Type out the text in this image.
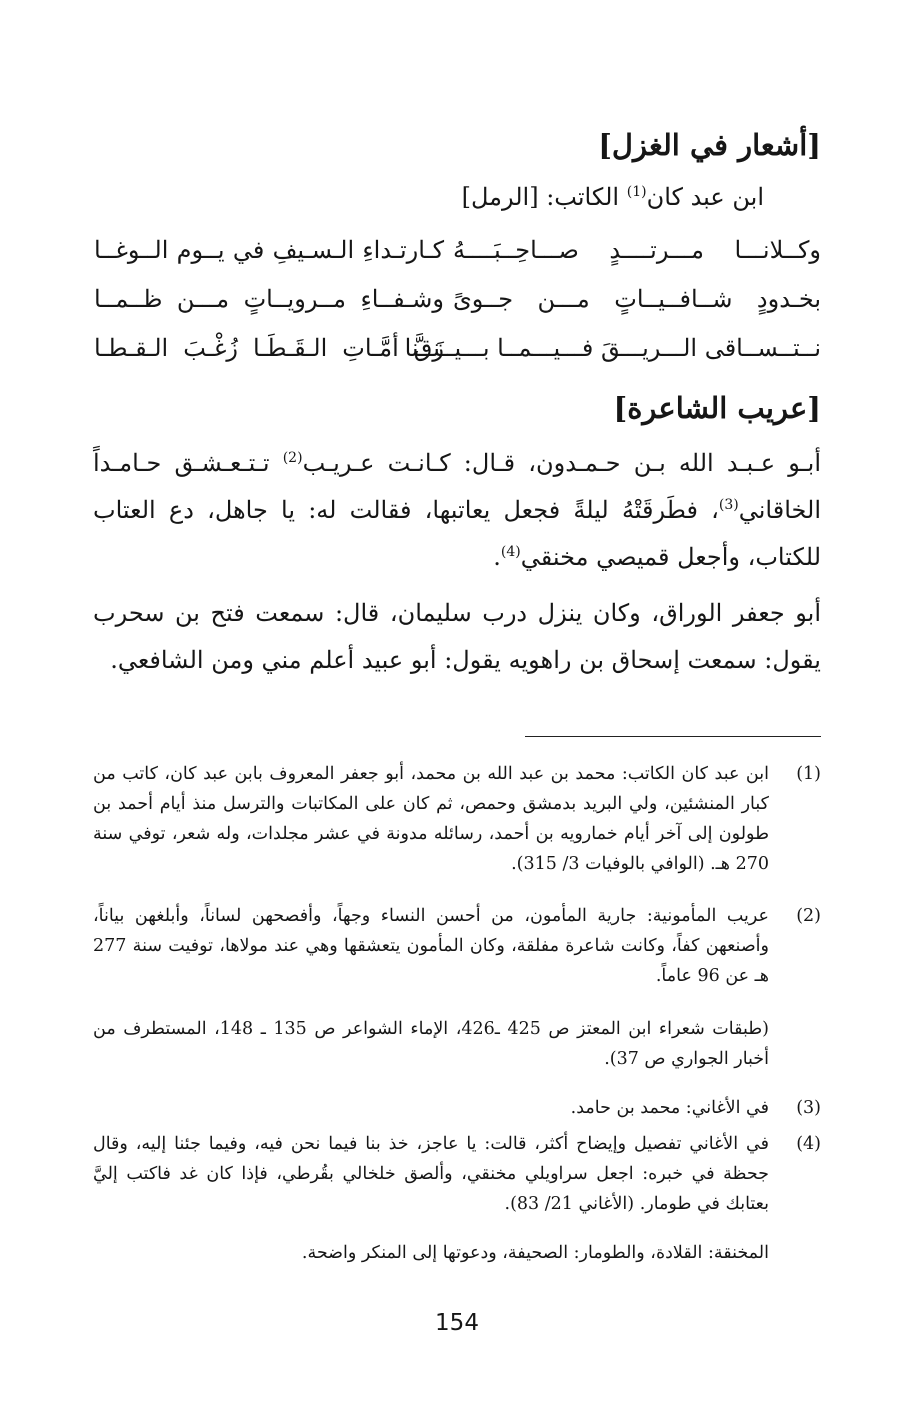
[أشعار في الغزل]
ابن عبد كان$^{(1)}$ الكاتب: [الرمل]
وكــلانـــا مـــرتــــدٍ صـــاحِــبَــــهُ
كـارتـداءِ الـسـيفِ في يــوم الــوغــا
بخـدودٍ شــافــيــاتٍ مـــن جــوىً
وشـفــاءِ مــرويــاتٍ مـــن ظــمــا
نــتــســاقى الـــريـــقَ فـــيـــمــا بـــيــنــنا
زَقَّ أمَّـاتِ الـقَـطَـا زُغْـبَ الـقـطـا
[عريب الشاعرة]

أبـو عـبـد الله بـن حـمـدون، قـال: كـانـت عـريـب$^{(2)}$ تـتـعـشـق حـامـداً الخاقاني$^{(3)}$، فطَرقَتْهُ ليلةً فجعل يعاتبها، فقالت له: يا جاهل، دع العتاب للكتاب، وأجعل قميصي مخنقي$^{(4)}$.

أبو جعفر الوراق، وكان ينزل درب سليمان، قال: سمعت فتح بن سحرب يقول: سمعت إسحاق بن راهويه يقول: أبو عبيد أعلم مني ومن الشافعي.

(1)
ابن عبد كان الكاتب: محمد بن عبد الله بن محمد، أبو جعفر المعروف بابن عبد كان، كاتب من كبار المنشئين، ولي البريد بدمشق وحمص، ثم كان على المكاتبات والترسل منذ أيام أحمد بن طولون إلى آخر أيام خمارويه بن أحمد، رسائله مدونة في عشر مجلدات، وله شعر، توفي سنة 270 هـ. (الوافي بالوفيات 3/ 315).
(2)
عريب المأمونية: جارية المأمون، من أحسن النساء وجهاً، وأفصحهن لساناً، وأبلغهن بياناً، وأصنعهن كفاً، وكانت شاعرة مفلقة، وكان المأمون يتعشقها وهي عند مولاها، توفيت سنة 277 هـ عن 96 عاماً.
(طبقات شعراء ابن المعتز ص 425 ـ426، الإماء الشواعر ص 135 ـ 148، المستطرف من أخبار الجواري ص 37).
(3)
في الأغاني: محمد بن حامد.
(4)
في الأغاني تفصيل وإيضاح أكثر، قالت: يا عاجز، خذ بنا فيما نحن فيه، وفيما جئنا إليه، وقال جحظة في خبره: اجعل سراويلي مخنقي، وألصق خلخالي بقُرطي، فإذا كان غد فاكتب إليَّ بعتابك في طومار. (الأغاني 21/ 83).
المخنقة: القلادة، والطومار: الصحيفة، ودعوتها إلى المنكر واضحة.
154
